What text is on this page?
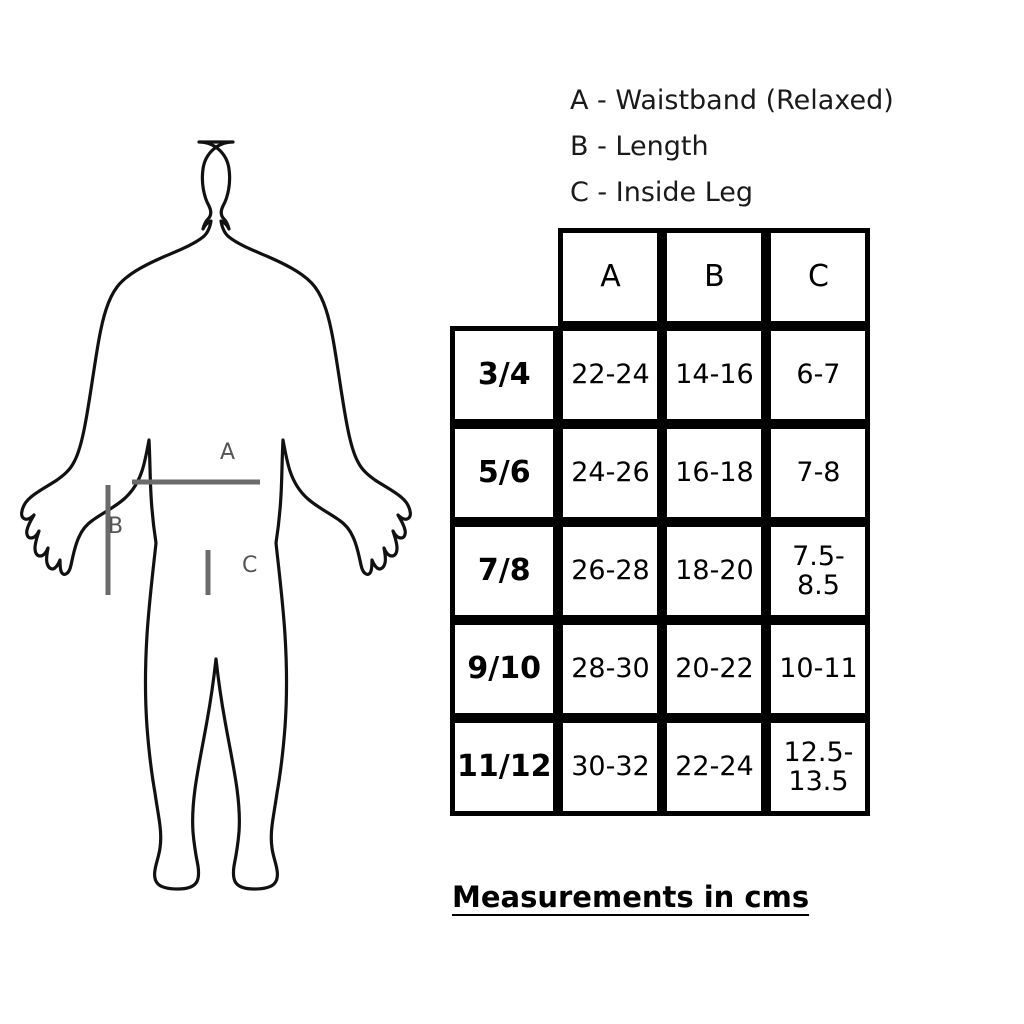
A - Waistband (Relaxed)
B - Length
C - Inside Leg
A
B
C
	A	B	C
3/4	22-24	14-16	6-7
5/6	24-26	16-18	7-8
7/8	26-28	18-20	7.5-8.5
9/10	28-30	20-22	10-11
11/12	30-32	22-24	12.5-13.5
Measurements in cms
